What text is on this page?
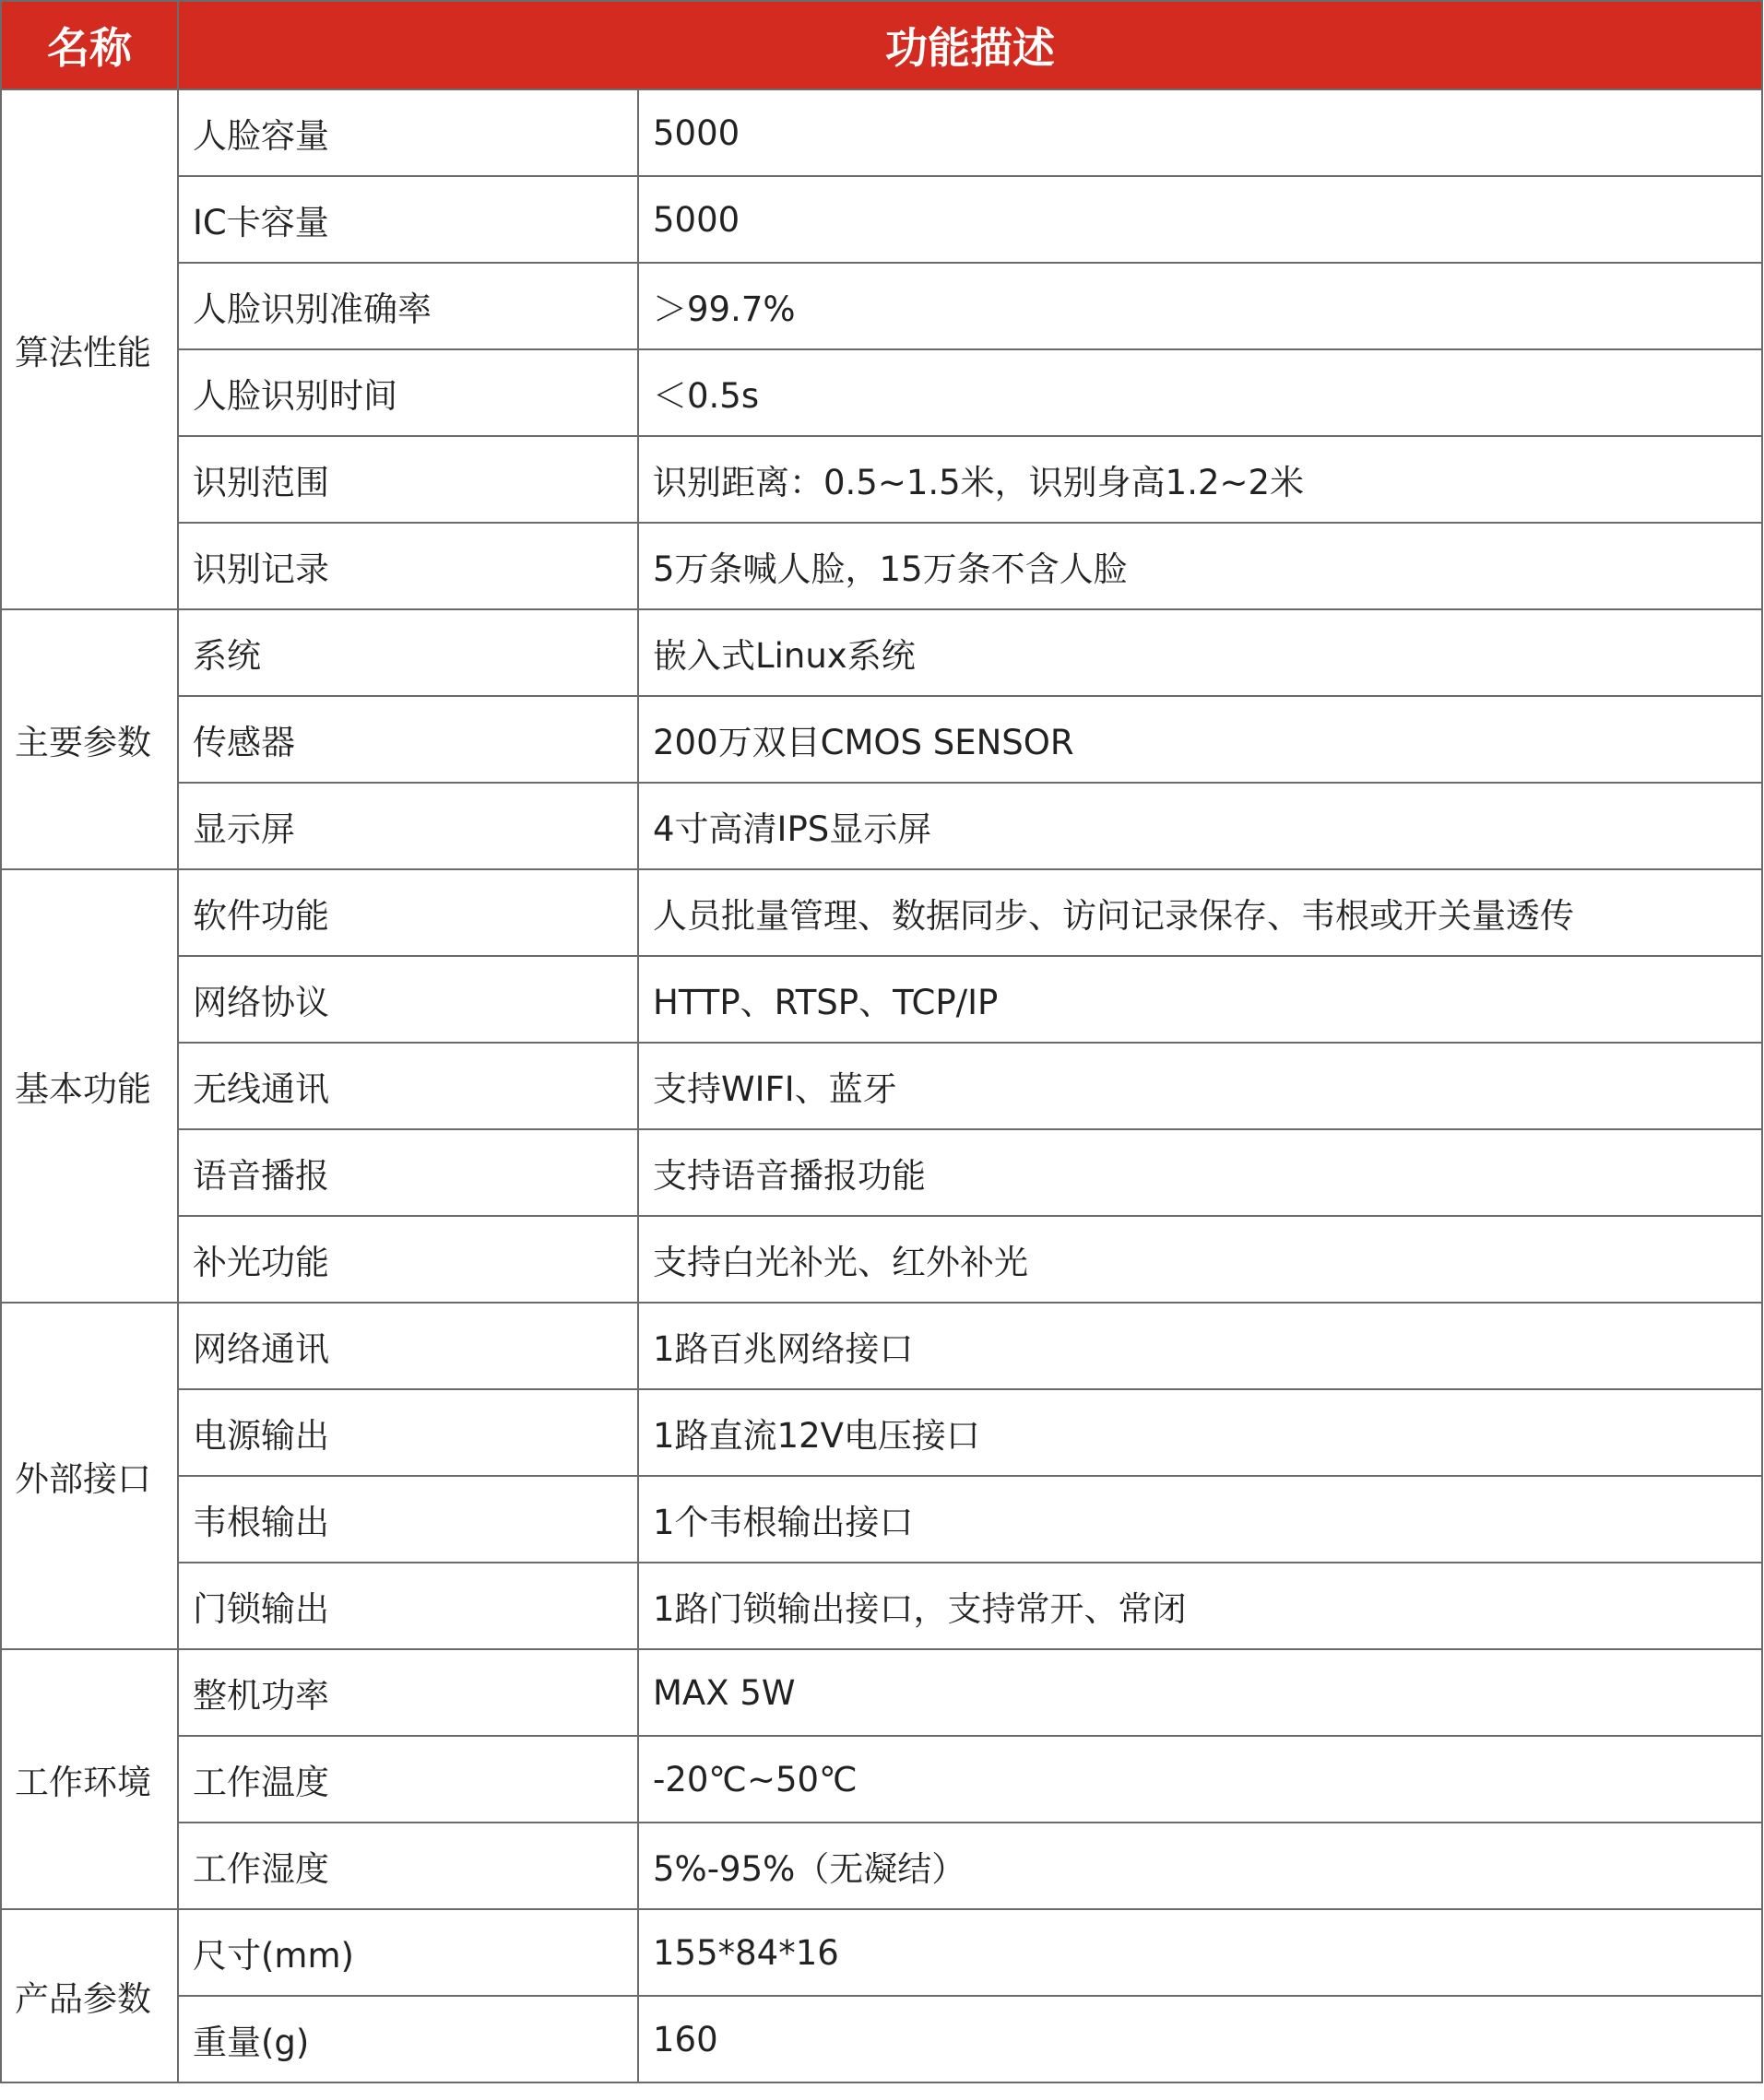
名称	功能描述	
算法性能	人脸容量	5000
	IC卡容量	5000
	人脸识别准确率	＞99.7%
	人脸识别时间	＜0.5s
	识别范围	识别距离：0.5~1.5米，识别身高1.2~2米
	识别记录	5万条喊人脸，15万条不含人脸
主要参数	系统	嵌入式Linux系统
	传感器	200万双目CMOS SENSOR
	显示屏	4寸高清IPS显示屏
基本功能	软件功能	人员批量管理、数据同步、访问记录保存、韦根或开关量透传
	网络协议	HTTP、RTSP、TCP/IP
	无线通讯	支持WIFI、蓝牙
	语音播报	支持语音播报功能
	补光功能	支持白光补光、红外补光
外部接口	网络通讯	1路百兆网络接口
	电源输出	1路直流12V电压接口
	韦根输出	1个韦根输出接口
	门锁输出	1路门锁输出接口，支持常开、常闭
工作环境	整机功率	MAX 5W
	工作温度	-20℃~50℃
	工作湿度	5%-95%（无凝结）
产品参数	尺寸(mm)	155*84*16
	重量(g)	160
